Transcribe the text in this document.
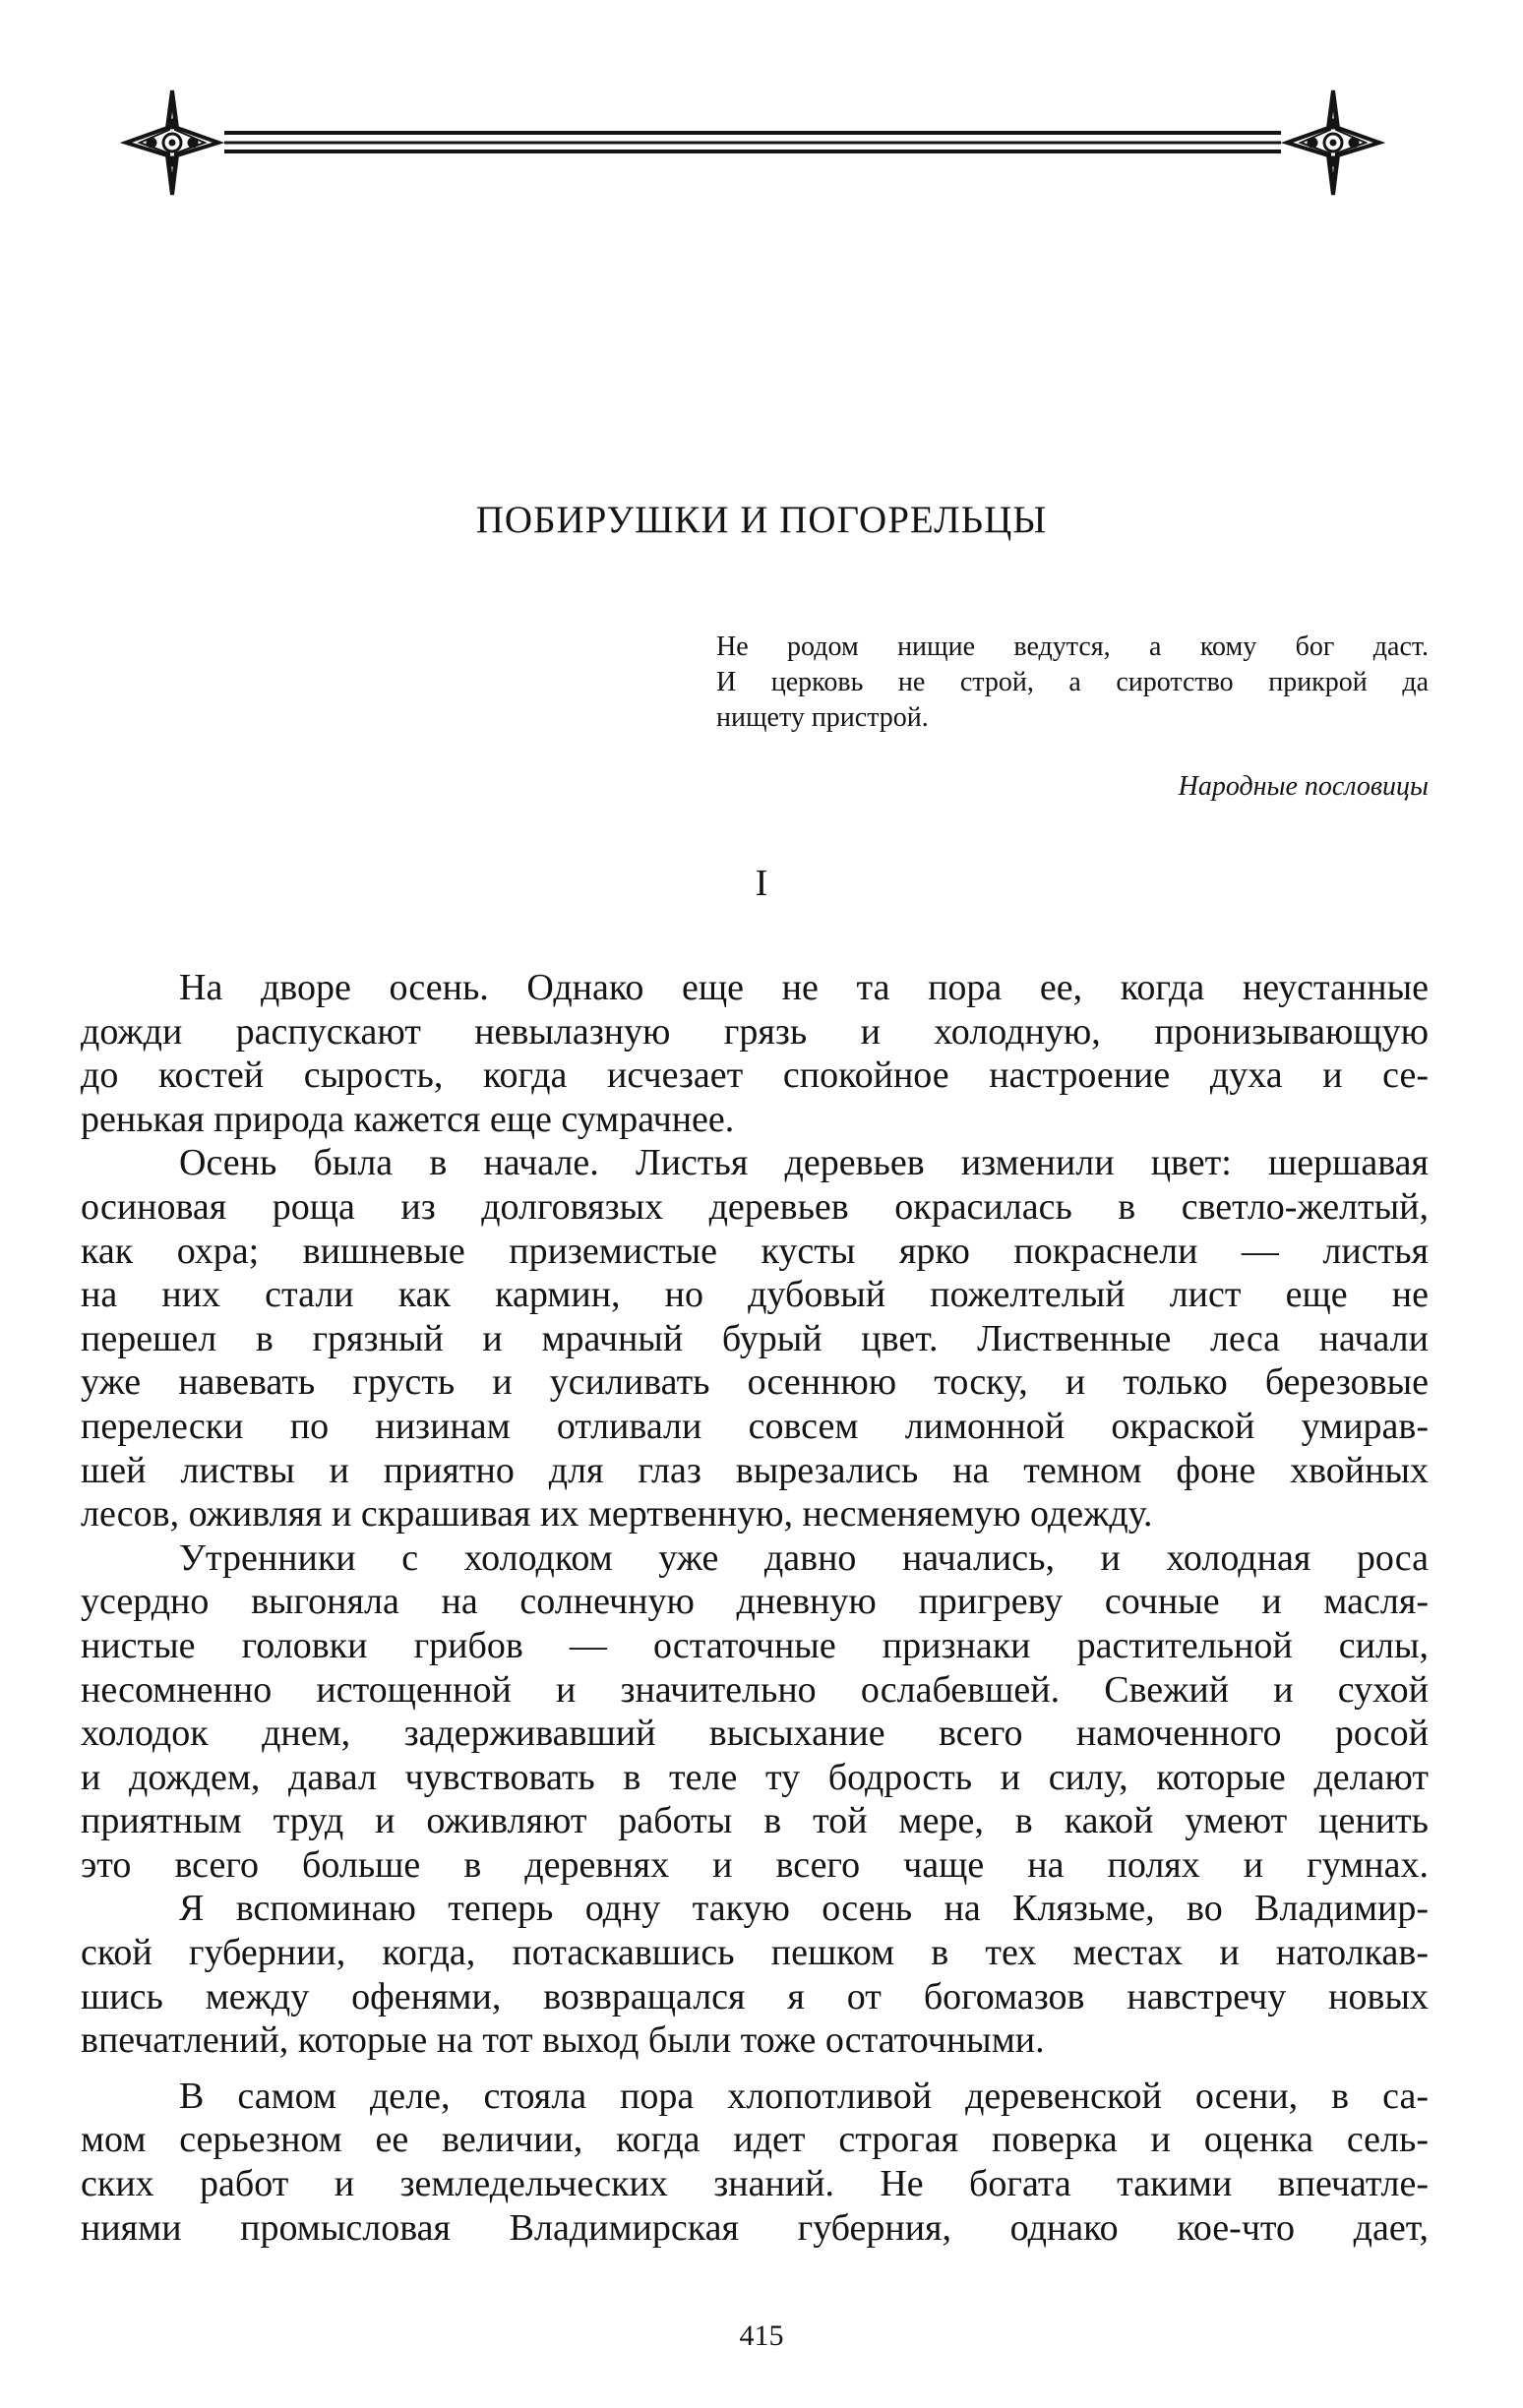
ПОБИРУШКИ И ПОГОРЕЛЬЦЫ
Не родом нищие ведутся, а кому бог даст.
И церковь не строй, а сиротство прикрой да
нищету пристрой.
Народные пословицы
I

На дворе осень. Однако еще не та пора ее, когда неустанные
дожди распускают невылазную грязь и холодную, пронизывающую
до костей сырость, когда исчезает спокойное настроение духа и се-
ренькая природа кажется еще сумрачнее.

Осень была в начале. Листья деревьев изменили цвет: шершавая
осиновая роща из долговязых деревьев окрасилась в светло-желтый,
как охра; вишневые приземистые кусты ярко покраснели — листья
на них стали как кармин, но дубовый пожелтелый лист еще не
перешел в грязный и мрачный бурый цвет. Лиственные леса начали
уже навевать грусть и усиливать осеннюю тоску, и только березовые
перелески по низинам отливали совсем лимонной окраской умирав-
шей листвы и приятно для глаз вырезались на темном фоне хвойных
лесов, оживляя и скрашивая их мертвенную, несменяемую одежду.

Утренники с холодком уже давно начались, и холодная роса
усердно выгоняла на солнечную дневную пригреву сочные и масля-
нистые головки грибов — остаточные признаки растительной силы,
несомненно истощенной и значительно ослабевшей. Свежий и сухой
холодок днем, задерживавший высыхание всего намоченного росой
и дождем, давал чувствовать в теле ту бодрость и силу, которые делают
приятным труд и оживляют работы в той мере, в какой умеют ценить
это всего больше в деревнях и всего чаще на полях и гумнах.

Я вспоминаю теперь одну такую осень на Клязьме, во Владимир-
ской губернии, когда, потаскавшись пешком в тех местах и натолкав-
шись между офенями, возвращался я от богомазов навстречу новых
впечатлений, которые на тот выход были тоже остаточными.

В самом деле, стояла пора хлопотливой деревенской осени, в са-
мом серьезном ее величии, когда идет строгая поверка и оценка сель-
ских работ и земледельческих знаний. Не богата такими впечатле-
ниями промысловая Владимирская губерния, однако кое-что дает,

415
